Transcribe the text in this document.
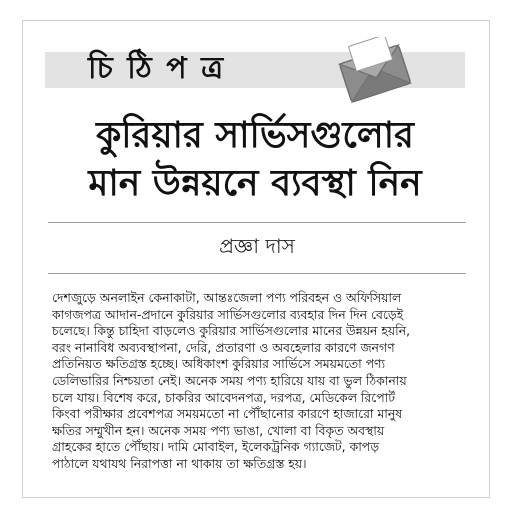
চি ঠি প ত্র
কুরিয়ার সার্ভিসগুলোর
মান উন্নয়নে ব্যবস্থা নিন
প্রজ্ঞা দাস
দেশজুড়ে অনলাইন কেনাকাটা, আন্তঃজেলা পণ্য পরিবহন ও অফিসিয়াল
কাগজপত্র আদান-প্রদানে কুরিয়ার সার্ভিসগুলোর ব্যবহার দিন দিন বেড়েই
চলেছে। কিন্তু চাহিদা বাড়লেও কুরিয়ার সার্ভিসগুলোর মানের উন্নয়ন হয়নি,
বরং নানাবিধ অব্যবস্থাপনা, দেরি, প্রতারণা ও অবহেলার কারণে জনগণ
প্রতিনিয়ত ক্ষতিগ্রস্ত হচ্ছে। অধিকাংশ কুরিয়ার সার্ভিসে সময়মতো পণ্য
ডেলিভারির নিশ্চয়তা নেই। অনেক সময় পণ্য হারিয়ে যায় বা ভুল ঠিকানায়
চলে যায়। বিশেষ করে, চাকরির আবেদনপত্র, দরপত্র, মেডিকেল রিপোর্ট
কিংবা পরীক্ষার প্রবেশপত্র সময়মতো না পৌঁছানোর কারণে হাজারো মানুষ
ক্ষতির সম্মুখীন হন। অনেক সময় পণ্য ভাঙা, খোলা বা বিকৃত অবস্থায়
গ্রাহকের হাতে পৌঁছায়। দামি মোবাইল, ইলেকট্রনিক গ্যাজেট, কাপড়
পাঠালে যথাযথ নিরাপত্তা না থাকায় তা ক্ষতিগ্রস্ত হয়।
